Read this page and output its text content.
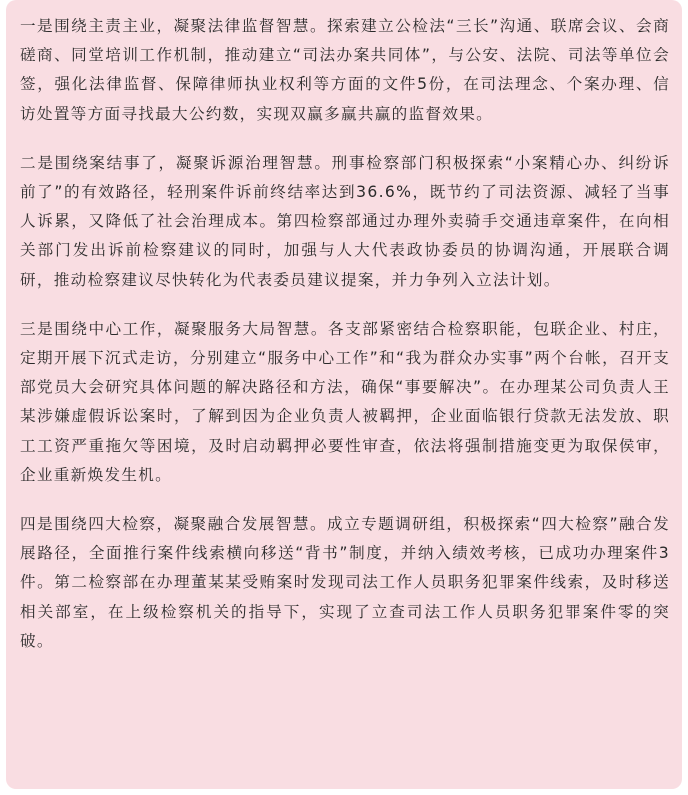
一是围绕主责主业，凝聚法律监督智慧。探索建立公检法“三长”沟通、联席会议、会商磋商、同堂培训工作机制，推动建立“司法办案共同体”，与公安、法院、司法等单位会签，强化法律监督、保障律师执业权利等方面的文件5份，在司法理念、个案办理、信访处置等方面寻找最大公约数，实现双赢多赢共赢的监督效果。

二是围绕案结事了，凝聚诉源治理智慧。刑事检察部门积极探索“小案精心办、纠纷诉前了”的有效路径，轻刑案件诉前终结率达到36.6%，既节约了司法资源、减轻了当事人诉累，又降低了社会治理成本。第四检察部通过办理外卖骑手交通违章案件，在向相关部门发出诉前检察建议的同时，加强与人大代表政协委员的协调沟通，开展联合调研，推动检察建议尽快转化为代表委员建议提案，并力争列入立法计划。

三是围绕中心工作，凝聚服务大局智慧。各支部紧密结合检察职能，包联企业、村庄，定期开展下沉式走访，分别建立“服务中心工作”和“我为群众办实事”两个台帐，召开支部党员大会研究具体问题的解决路径和方法，确保“事要解决”。在办理某公司负责人王某涉嫌虚假诉讼案时，了解到因为企业负责人被羁押，企业面临银行贷款无法发放、职工工资严重拖欠等困境，及时启动羁押必要性审查，依法将强制措施变更为取保侯审，企业重新焕发生机。

四是围绕四大检察，凝聚融合发展智慧。成立专题调研组，积极探索“四大检察”融合发展路径，全面推行案件线索横向移送“背书”制度，并纳入绩效考核，已成功办理案件3件。第二检察部在办理董某某受贿案时发现司法工作人员职务犯罪案件线索，及时移送相关部室，在上级检察机关的指导下，实现了立查司法工作人员职务犯罪案件零的突破。
